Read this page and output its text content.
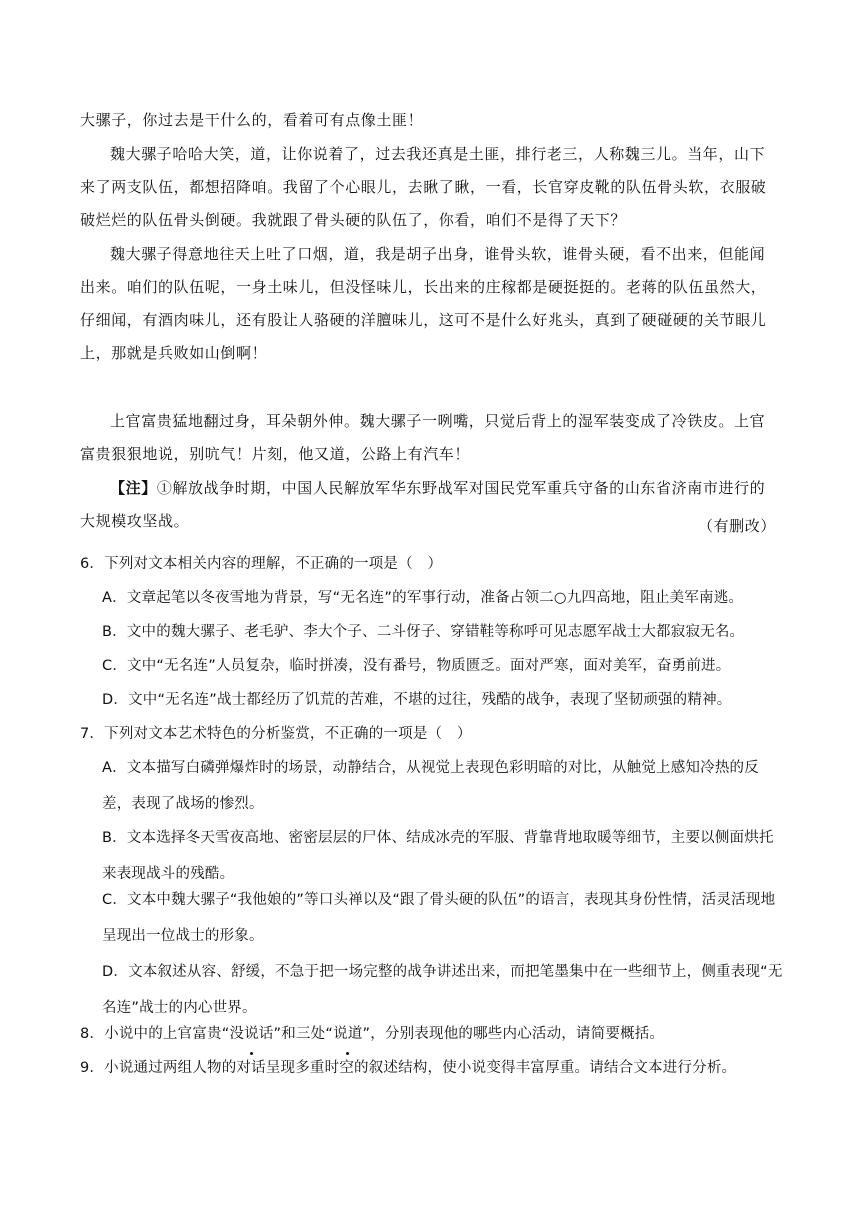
大骡子，你过去是干什么的，看着可有点像土匪！

魏大骡子哈哈大笑，道，让你说着了，过去我还真是土匪，排行老三，人称魏三儿。当年，山下来了两支队伍，都想招降咱。我留了个心眼儿，去瞅了瞅，一看，长官穿皮靴的队伍骨头软，衣服破破烂烂的队伍骨头倒硬。我就跟了骨头硬的队伍了，你看，咱们不是得了天下？

魏大骡子得意地往天上吐了口烟，道，我是胡子出身，谁骨头软，谁骨头硬，看不出来，但能闻出来。咱们的队伍呢，一身土味儿，但没怪味儿，长出来的庄稼都是硬挺挺的。老蒋的队伍虽然大，仔细闻，有酒肉味儿，还有股让人骆硬的洋膻味儿，这可不是什么好兆头，真到了硬碰硬的关节眼儿上，那就是兵败如山倒啊！

上官富贵猛地翻过身，耳朵朝外伸。魏大骡子一咧嘴，只觉后背上的湿军装变成了冷铁皮。上官富贵狠狠地说，别吭气！片刻，他又道，公路上有汽车！

【注】①解放战争时期，中国人民解放军华东野战军对国民党军重兵守备的山东省济南市进行的大规模攻坚战。	（有删改）

6．下列对文本相关内容的理解，不正确的一项是（　）

A．文章起笔以冬夜雪地为背景，写“无名连”的军事行动，准备占领二○九四高地，阻止美军南逃。

B．文中的魏大骡子、老毛驴、李大个子、二斗伢子、穿错鞋等称呼可见志愿军战士大都寂寂无名。

C．文中“无名连”人员复杂，临时拼凑，没有番号，物质匮乏。面对严寒，面对美军，奋勇前进。

D．文中“无名连”战士都经历了饥荒的苦难，不堪的过往，残酷的战争，表现了坚韧顽强的精神。

7．下列对文本艺术特色的分析鉴赏，不正确的一项是（　）

A．文本描写白磷弹爆炸时的场景，动静结合，从视觉上表现色彩明暗的对比，从触觉上感知冷热的反差，表现了战场的惨烈。

B．文本选择冬天雪夜高地、密密层层的尸体、结成冰壳的军服、背靠背地取暖等细节，主要以侧面烘托来表现战斗的残酷。

C．文本中魏大骡子“我他娘的”等口头禅以及“跟了骨头硬的队伍”的语言，表现其身份性情，活灵活现地呈现出一位战士的形象。

D．文本叙述从容、舒缓，不急于把一场完整的战争讲述出来，而把笔墨集中在一些细节上，侧重表现“无名连”战士的内心世界。

8．小说中的上官富贵“没说话”和三处“说道”，分别表现他的哪些内心活动，请简要概括。

9．小说通过两组人物的对话呈现多重时空的叙述结构，使小说变得丰富厚重。请结合文本进行分析。
